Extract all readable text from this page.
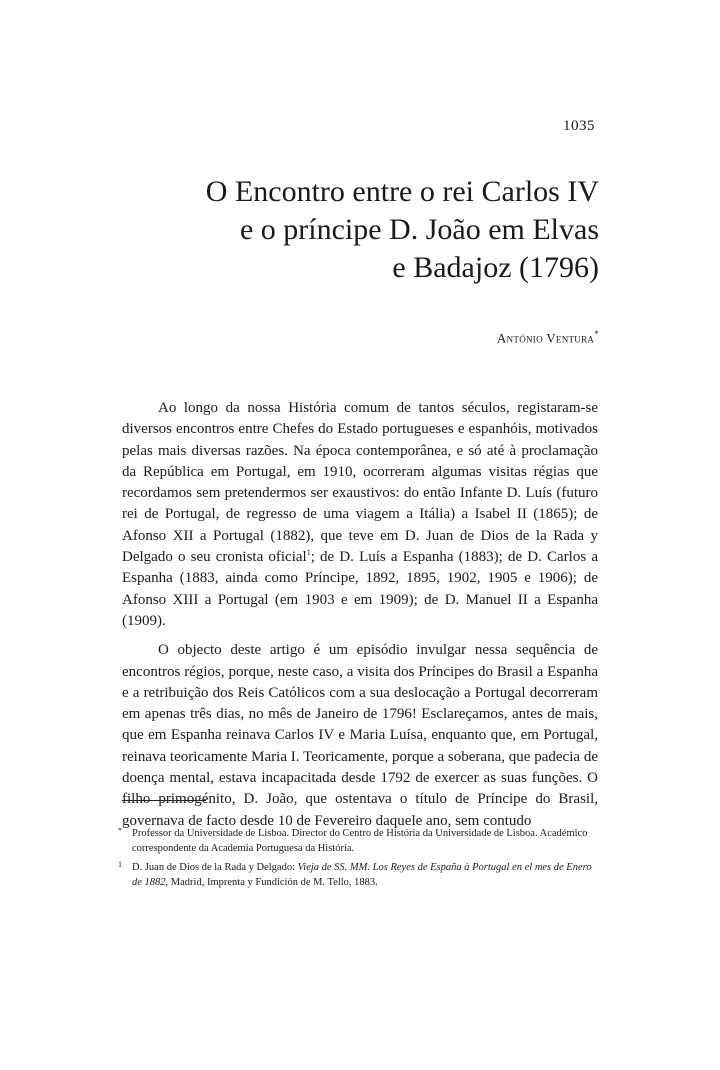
1035
O Encontro entre o rei Carlos IV
e o príncipe D. João em Elvas
e Badajoz (1796)
António Ventura*

Ao longo da nossa História comum de tantos séculos, registaram-se diversos encontros entre Chefes do Estado portugueses e espanhóis, motivados pelas mais diversas razões. Na época contemporânea, e só até à proclamação da República em Portugal, em 1910, ocorreram algumas visitas régias que recordamos sem pretendermos ser exaustivos: do então Infante D. Luís (futuro rei de Portugal, de regresso de uma viagem a Itália) a Isabel II (1865); de Afonso XII a Portugal (1882), que teve em D. Juan de Dios de la Rada y Delgado o seu cronista oficial$^1$; de D. Luís a Espanha (1883); de D. Carlos a Espanha (1883, ainda como Príncipe, 1892, 1895, 1902, 1905 e 1906); de Afonso XIII a Portugal (em 1903 e em 1909); de D. Manuel II a Espanha (1909).

O objecto deste artigo é um episódio invulgar nessa sequência de encontros régios, porque, neste caso, a visita dos Príncipes do Brasil a Espanha e a retribuição dos Reis Católicos com a sua deslocação a Portugal decorreram em apenas três dias, no mês de Janeiro de 1796! Esclareçamos, antes de mais, que em Espanha reinava Carlos IV e Maria Luísa, enquanto que, em Portugal, reinava teoricamente Maria I. Teoricamente, porque a soberana, que padecia de doença mental, estava incapacitada desde 1792 de exercer as suas funções. O filho primogénito, D. João, que ostentava o título de Príncipe do Brasil, governava de facto desde 10 de Fevereiro daquele ano, sem contudo

* Professor da Universidade de Lisboa. Director do Centro de História da Universidade de Lisboa. Académico correspondente da Academia Portuguesa da História.
1 D. Juan de Dios de la Rada y Delgado: Vieja de SS. MM. Los Reyes de España à Portugal en el mes de Enero de 1882, Madrid, Imprenta y Fundición de M. Tello, 1883.
